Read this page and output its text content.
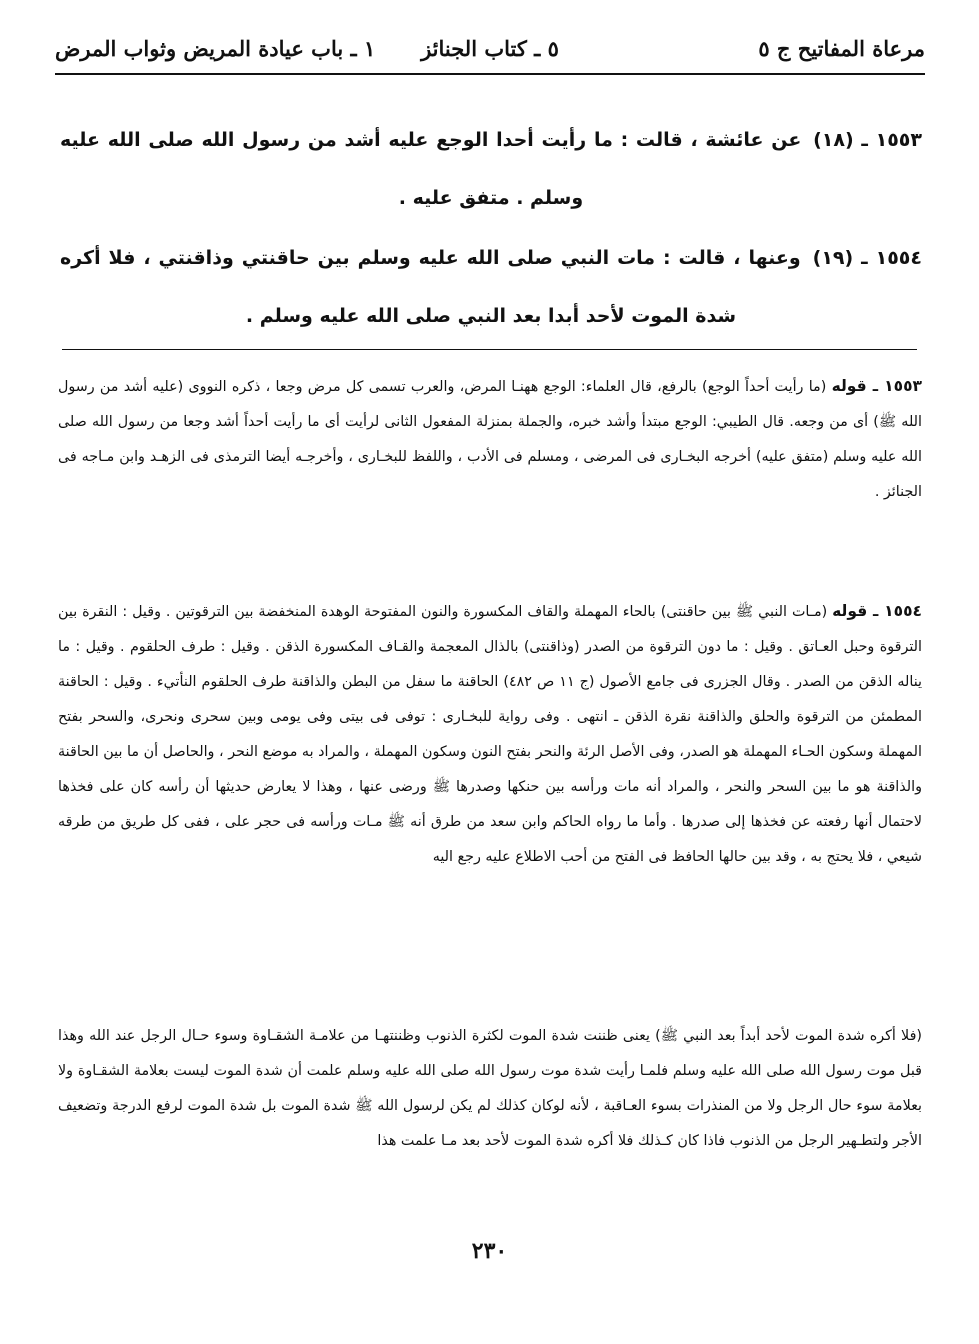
مرعاة المفاتيح ج ٥
٥ ـ كتاب الجنائز
١ ـ باب عيادة المريض وثواب المرض
١٥٥٣ ـ (١٨) عن عائشة ، قالت : ما رأيت أحدا الوجع عليه أشد من رسول الله صلى الله عليه وسلم . متفق عليه .
١٥٥٤ ـ (١٩) وعنها ، قالت : مات النبي صلى الله عليه وسلم بين حاقنتي وذاقنتي ، فلا أكره شدة الموت لأحد أبدا بعد النبي صلى الله عليه وسلم .
١٥٥٣ ـ قوله (ما رأيت أحداً الوجع) بالرفع، قال العلماء: الوجع ههنـا المرض، والعرب تسمى كل مرض وجعا ، ذكره النووى (عليه أشد من رسول الله ﷺ) أى من وجعه. قال الطيبي: الوجع مبتدأ وأشد خبره، والجملة بمنزلة المفعول الثانى لرأيت أى ما رأيت أحداً أشد وجعا من رسول الله صلى الله عليه وسلم (متفق عليه) أخرجه البخـارى فى المرضى ، ومسلم فى الأدب ، واللفظ للبخـارى ، وأخرجـه أيضا الترمذى فى الزهـد وابن مـاجه فى الجنائز .
١٥٥٤ ـ قوله (مـات النبي ﷺ بين حاقنتى) بالحاء المهملة والقاف المكسورة والنون المفتوحة الوهدة المنخفضة بين الترقوتين . وقيل : النقرة بين الترقوة وحبل العـاتق . وقيل : ما دون الترقوة من الصدر (وذاقنتى) بالذال المعجمة والقـاف المكسورة الذقن . وقيل : طرف الحلقوم . وقيل : ما يناله الذقن من الصدر . وقال الجزرى فى جامع الأصول (ج ١١ ص ٤٨٢) الحاقنة ما سفل من البطن والذاقنة طرف الحلقوم النأتيء . وقيل : الحاقنة المطمئن من الترقوة والحلق والذاقنة نقرة الذقن ـ انتهى . وفى رواية للبخـارى : توفى فى بيتى وفى يومى وبين سحرى ونحرى، والسحر بفتح المهملة وسكون الحـاء المهملة هو الصدر، وفى الأصل الرئة والنحر بفتح النون وسكون المهملة ، والمراد به موضع النحر ، والحاصل أن ما بين الحاقنة والذاقنة هو ما بين السحر والنحر ، والمراد أنه مات ورأسه بين حنكها وصدرها ﷺ ورضى عنها ، وهذا لا يعارض حديثها أن رأسه كان على فخذها لاحتمال أنها رفعته عن فخذها إلى صدرها . وأما ما رواه الحاكم وابن سعد من طرق أنه ﷺ مـات ورأسه فى حجر على ، ففى كل طريق من طرقه شيعي ، فلا يحتج به ، وقد بين حالها الحافظ فى الفتح من أحب الاطلاع عليه رجع اليه
(فلا أكره شدة الموت لأحد أبداً بعد النبي ﷺ) يعنى ظننت شدة الموت لكثرة الذنوب وظننتهـا من علامـة الشقـاوة وسوء حـال الرجل عند الله وهذا قبل موت رسول الله صلى الله عليه وسلم فلمـا رأيت شدة موت رسول الله صلى الله عليه وسلم علمت أن شدة الموت ليست بعلامة الشقـاوة ولا بعلامة سوء حال الرجل ولا من المنذرات بسوء العـاقبة ، لأنه لوكان كذلك لم يكن لرسول الله ﷺ شدة الموت بل شدة الموت لرفع الدرجة وتضعيف الأجر ولتطـهير الرجل من الذنوب فاذا كان كـذلك فلا أكره شدة الموت لأحد بعد مـا علمت هذا
٢٣٠
